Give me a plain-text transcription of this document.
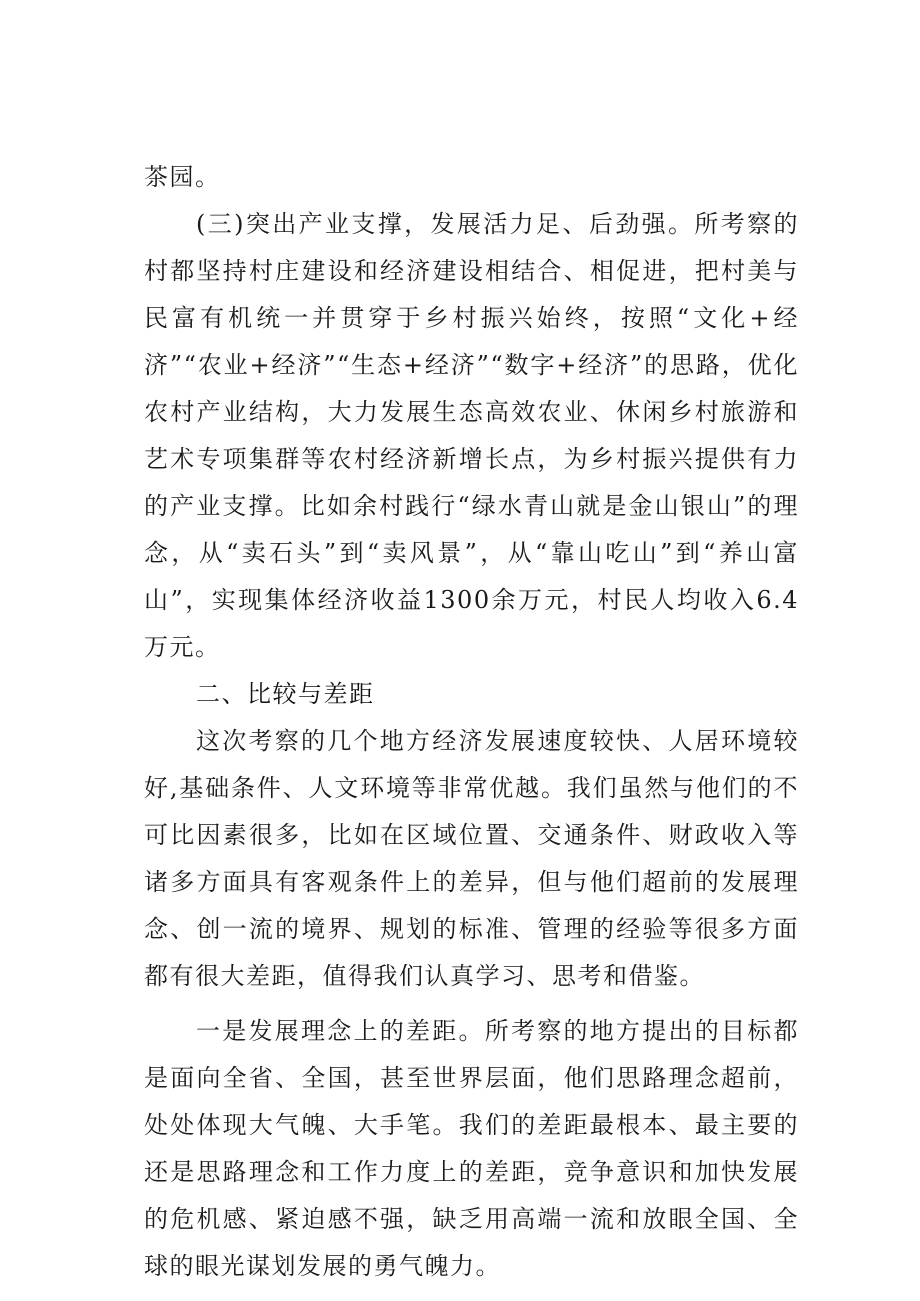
茶园。

(三)突出产业支撑，发展活力足、后劲强。所考察的村都坚持村庄建设和经济建设相结合、相促进，把村美与民富有机统一并贯穿于乡村振兴始终，按照“文化+经济”“农业+经济”“生态+经济”“数字+经济”的思路，优化农村产业结构，大力发展生态高效农业、休闲乡村旅游和艺术专项集群等农村经济新增长点，为乡村振兴提供有力的产业支撑。比如余村践行“绿水青山就是金山银山”的理念，从“卖石头”到“卖风景”，从“靠山吃山”到“养山富山”，实现集体经济收益1300余万元，村民人均收入6.4万元。

二、比较与差距

这次考察的几个地方经济发展速度较快、人居环境较好,基础条件、人文环境等非常优越。我们虽然与他们的不可比因素很多，比如在区域位置、交通条件、财政收入等诸多方面具有客观条件上的差异，但与他们超前的发展理念、创一流的境界、规划的标准、管理的经验等很多方面都有很大差距，值得我们认真学习、思考和借鉴。

一是发展理念上的差距。所考察的地方提出的目标都是面向全省、全国，甚至世界层面，他们思路理念超前，处处体现大气魄、大手笔。我们的差距最根本、最主要的还是思路理念和工作力度上的差距，竞争意识和加快发展的危机感、紧迫感不强，缺乏用高端一流和放眼全国、全球的眼光谋划发展的勇气魄力。
